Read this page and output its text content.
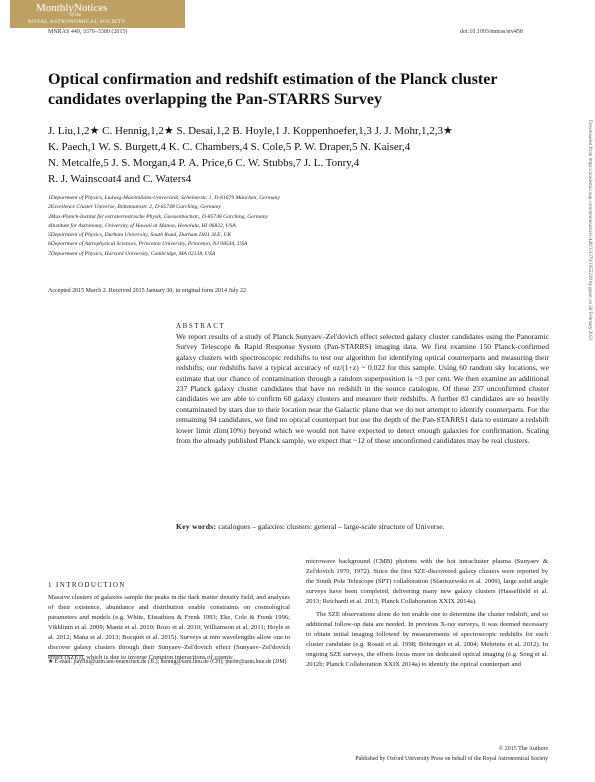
MonthlyNotices
of the
ROYAL ASTRONOMICAL SOCIETY
MNRAS 449, 3370–3380 (2015)	doi:10.1093/mnras/stv458
Optical confirmation and redshift estimation of the Planck cluster candidates overlapping the Pan-STARRS Survey
J. Liu,1,2★ C. Hennig,1,2★ S. Desai,1,2 B. Hoyle,1 J. Koppenhoefer,1,3 J. J. Mohr,1,2,3★
K. Paech,1 W. S. Burgett,4 K. C. Chambers,4 S. Cole,5 P. W. Draper,5 N. Kaiser,4
N. Metcalfe,5 J. S. Morgan,4 P. A. Price,6 C. W. Stubbs,7 J. L. Tonry,4
R. J. Wainscoat4 and C. Waters4
1Department of Physics, Ludwig-Maximilians-Universität, Scheinerstr. 1, D-81679 München, Germany
2Excellence Cluster Universe, Boltzmannstr. 2, D-85748 Garching, Germany
3Max-Planck-Institut für extraterrestrische Physik, Giessenbachstr., D-85748 Garching, Germany
4Institute for Astronomy, University of Hawaii at Manoa, Honolulu, HI 96822, USA
5Department of Physics, Durham University, South Road, Durham DH1 3LE, UK
6Department of Astrophysical Sciences, Princeton University, Princeton, NJ 08544, USA
7Department of Physics, Harvard University, Cambridge, MA 02138, USA
Accepted 2015 March 2. Received 2015 January 30; in original form 2014 July 22
ABSTRACT
We report results of a study of Planck Sunyaev–Zel'dovich effect selected galaxy cluster candidates using the Panoramic Survey Telescope & Rapid Response System (Pan-STARRS) imaging data. We first examine 150 Planck-confirmed galaxy clusters with spectroscopic redshifts to test our algorithm for identifying optical counterparts and measuring their redshifts; our redshifts have a typical accuracy of σz/(1+z) ~ 0.022 for this sample. Using 60 random sky locations, we estimate that our chance of contamination through a random superposition is ~3 per cent. We then examine an additional 237 Planck galaxy cluster candidates that have no redshift in the source catalogue. Of these 237 unconfirmed cluster candidates we are able to confirm 60 galaxy clusters and measure their redshifts. A further 83 candidates are so heavily contaminated by stars due to their location near the Galactic plane that we do not attempt to identify counterparts. For the remaining 94 candidates, we find no optical counterpart but use the depth of the Pan-STARRS1 data to estimate a redshift lower limit zlim(10%) beyond which we would not have expected to detect enough galaxies for confirmation. Scaling from the already published Planck sample, we expect that ~12 of these unconfirmed candidates may be real clusters.
Key words: catalogues – galaxies: clusters: general – large-scale structure of Universe.
1 INTRODUCTION

Massive clusters of galaxies sample the peaks in the dark matter density field, and analyses of their existence, abundance and distribution enable constraints on cosmological parameters and models (e.g. White, Efstathiou & Frenk 1993; Eke, Cole & Frenk 1996; Vikhlinin et al. 2009; Mantz et al. 2010; Rozo et al. 2010; Williamson et al. 2011; Hoyle et al. 2012; Mana et al. 2013; Bocquet et al. 2015). Surveys at mm wavelengths allow one to discover galaxy clusters through their Sunyaev–Zel'dovich effect (Sunyaev–Zel'dovich effect (SZE)), which is due to inverse Compton interactions of cosmic

★ E-mail: jiayiliu@usm.uni-muenchen.de (JL); hennig@usm.lmu.de (CH); jmohr@usm.lmu.de (JJM)

microwave background (CMB) photons with the hot intracluster plasma (Sunyaev & Zel'dovich 1970, 1972). Since the first SZE-discovered galaxy clusters were reported by the South Pole Telescope (SPT) collaboration (Staniszewski et al. 2009), large solid angle surveys have been completed, delivering many new galaxy clusters (Hasselfield et al. 2013; Reichardt et al. 2013; Planck Collaboration XXIX 2014a).

The SZE observations alone do not enable one to determine the cluster redshift, and so additional follow-up data are needed. In previous X-ray surveys, it was deemed necessary to obtain initial imaging followed by measurements of spectroscopic redshifts for each cluster candidate (e.g. Rosati et al. 1998; Böhringer et al. 2004; Mehrtens et al. 2012). In ongoing SZE surveys, the efforts focus more on dedicated optical imaging (e.g. Song et al. 2012b; Planck Collaboration XXIX 2014a) to identify the optical counterpart and

© 2015 The Authors
Published by Oxford University Press on behalf of the Royal Astronomical Society
Downloaded from https://academic.oup.com/mnras/article/449/3/3370/1055218 by guest on 26 February 2021
